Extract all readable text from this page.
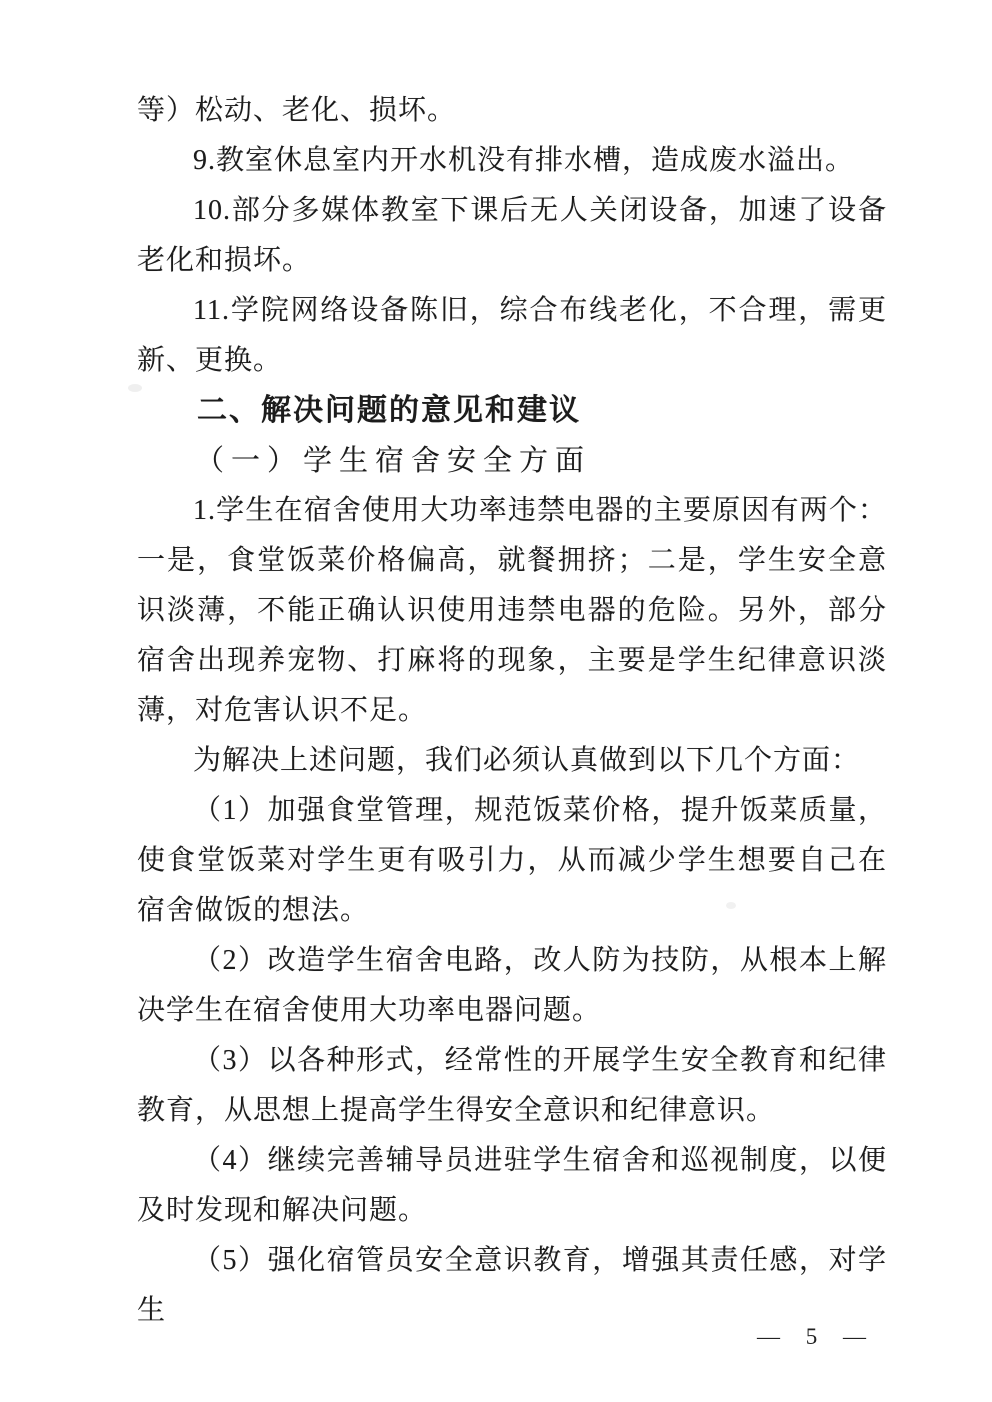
等）松动、老化、损坏。

9.教室休息室内开水机没有排水槽，造成废水溢出。

10.部分多媒体教室下课后无人关闭设备，加速了设备老化和损坏。

11.学院网络设备陈旧，综合布线老化，不合理，需更新、更换。

二、解决问题的意见和建议

（一）学生宿舍安全方面

1.学生在宿舍使用大功率违禁电器的主要原因有两个：一是，食堂饭菜价格偏高，就餐拥挤；二是，学生安全意识淡薄，不能正确认识使用违禁电器的危险。另外，部分宿舍出现养宠物、打麻将的现象，主要是学生纪律意识淡薄，对危害认识不足。

为解决上述问题，我们必须认真做到以下几个方面：

（1）加强食堂管理，规范饭菜价格，提升饭菜质量，使食堂饭菜对学生更有吸引力，从而减少学生想要自己在宿舍做饭的想法。

（2）改造学生宿舍电路，改人防为技防，从根本上解决学生在宿舍使用大功率电器问题。

（3）以各种形式，经常性的开展学生安全教育和纪律教育，从思想上提高学生得安全意识和纪律意识。

（4）继续完善辅导员进驻学生宿舍和巡视制度，以便及时发现和解决问题。

（5）强化宿管员安全意识教育，增强其责任感，对学生

— 5 —
